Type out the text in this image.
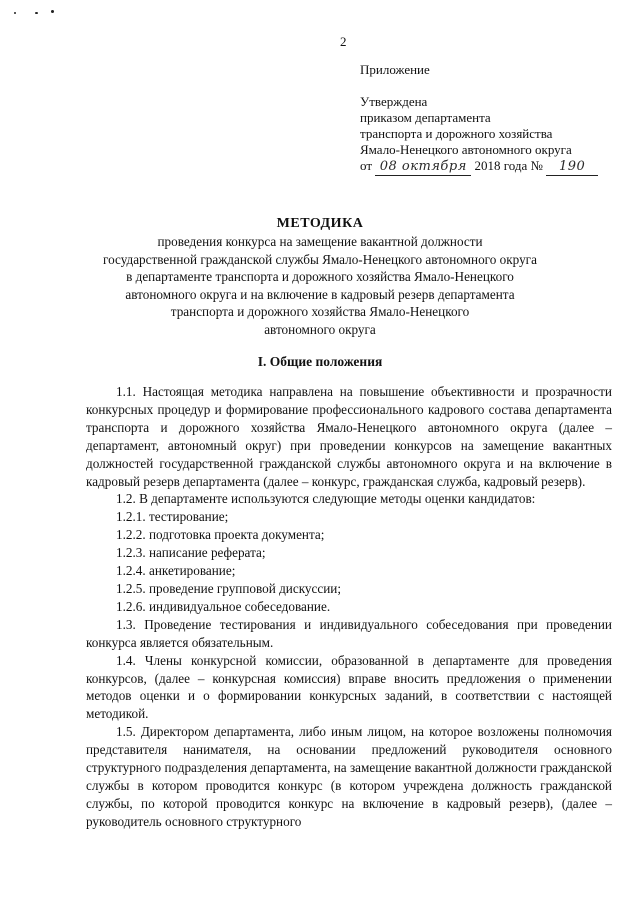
2
Приложение
Утверждена
приказом департамента
транспорта и дорожного хозяйства
Ямало-Ненецкого автономного округа
от 08 октября 2018 года № 190
МЕТОДИКА
проведения конкурса на замещение вакантной должности
государственной гражданской службы Ямало-Ненецкого автономного округа
в департаменте транспорта и дорожного хозяйства Ямало-Ненецкого
автономного округа и на включение в кадровый резерв департамента
транспорта и дорожного хозяйства Ямало-Ненецкого
автономного округа
I. Общие положения

1.1. Настоящая методика направлена на повышение объективности и прозрачности конкурсных процедур и формирование профессионального кадрового состава департамента транспорта и дорожного хозяйства Ямало-Ненецкого автономного округа (далее – департамент, автономный округ) при проведении конкурсов на замещение вакантных должностей государственной гражданской службы автономного округа и на включение в кадровый резерв департамента (далее – конкурс, гражданская служба, кадровый резерв).

1.2. В департаменте используются следующие методы оценки кандидатов:

1.2.1. тестирование;

1.2.2. подготовка проекта документа;

1.2.3. написание реферата;

1.2.4. анкетирование;

1.2.5. проведение групповой дискуссии;

1.2.6. индивидуальное собеседование.

1.3. Проведение тестирования и индивидуального собеседования при проведении конкурса является обязательным.

1.4. Члены конкурсной комиссии, образованной в департаменте для проведения конкурсов, (далее – конкурсная комиссия) вправе вносить предложения о применении методов оценки и о формировании конкурсных заданий, в соответствии с настоящей методикой.

1.5. Директором департамента, либо иным лицом, на которое возложены полномочия представителя нанимателя, на основании предложений руководителя основного структурного подразделения департамента, на замещение вакантной должности гражданской службы в котором проводится конкурс (в котором учреждена должность гражданской службы, по которой проводится конкурс на включение в кадровый резерв), (далее – руководитель основного структурного
